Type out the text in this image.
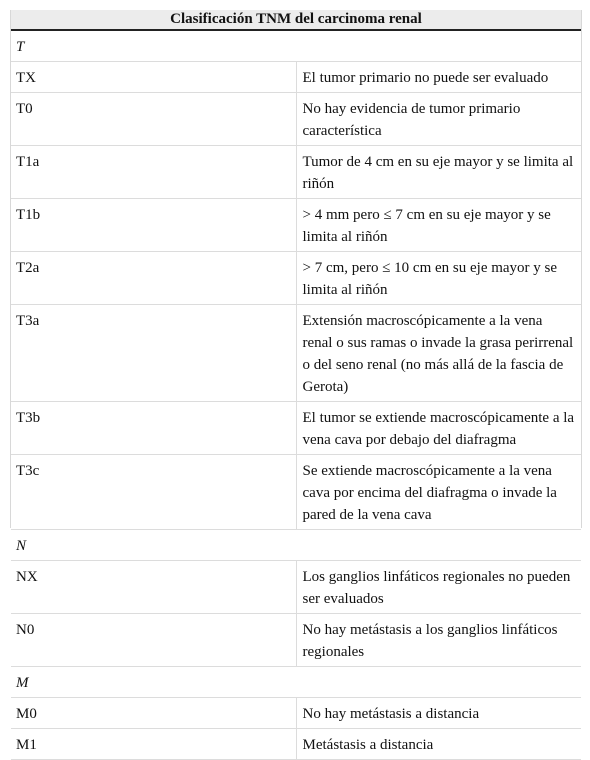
Clasificación TNM del carcinoma renal	
T	
TX	El tumor primario no puede ser evaluado
T0	No hay evidencia de tumor primario característica
T1a	Tumor de 4 cm en su eje mayor y se limita al riñón
T1b	> 4 mm pero ≤ 7 cm en su eje mayor y se limita al riñón
T2a	> 7 cm, pero ≤ 10 cm en su eje mayor y se limita al riñón
T3a	Extensión macroscópicamente a la vena renal o sus ramas o invade la grasa perirrenal o del seno renal (no más allá de la fascia de Gerota)
T3b	El tumor se extiende macroscópicamente a la vena cava por debajo del diafragma
T3c	Se extiende macroscópicamente a la vena cava por encima del diafragma o invade la pared de la vena cava
N	
NX	Los ganglios linfáticos regionales no pueden ser evaluados
N0	No hay metástasis a los ganglios linfáticos regionales
M	
M0	No hay metástasis a distancia
M1	Metástasis a distancia
